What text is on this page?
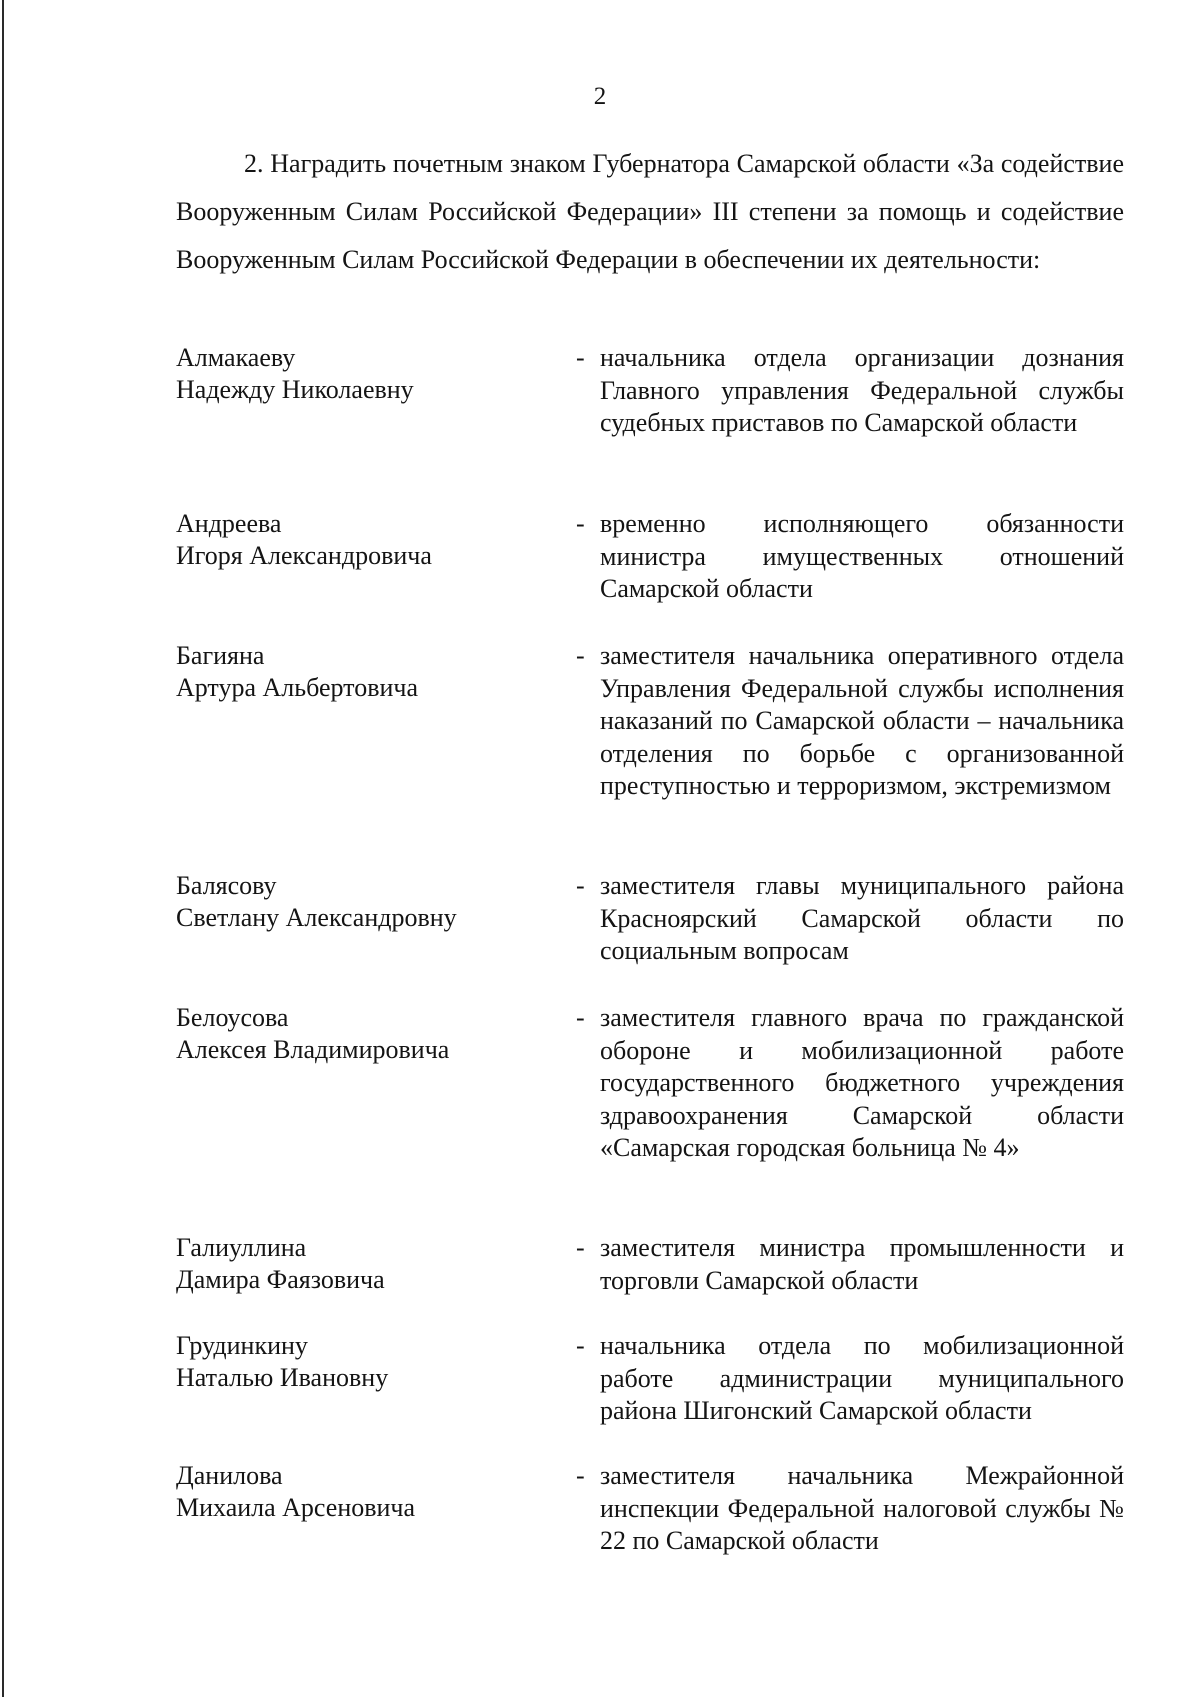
2

2. Наградить почетным знаком Губернатора Самарской области «За содействие Вооруженным Силам Российской Федерации» III степени за помощь и содействие Вооруженным Силам Российской Федерации в обеспечении их деятельности:

Алмакаеву
Надежду Николаевну
- начальника отдела организации дознания Главного управления Федеральной службы судебных приставов по Самарской области

Андреева
Игоря Александровича
- временно исполняющего обязанности министра имущественных отношений Самарской области

Багияна
Артура Альбертовича
- заместителя начальника оперативного отдела Управления Федеральной службы исполнения наказаний по Самарской области – начальника отделения по борьбе с организованной преступностью и терроризмом, экстремизмом

Балясову
Светлану Александровну
- заместителя главы муниципального района Красноярский Самарской области по социальным вопросам

Белоусова
Алексея Владимировича
- заместителя главного врача по гражданской обороне и мобилизационной работе государственного бюджетного учреждения здравоохранения Самарской области «Самарская городская больница № 4»

Галиуллина
Дамира Фаязовича
- заместителя министра промышленности и торговли Самарской области

Грудинкину
Наталью Ивановну
- начальника отдела по мобилизационной работе администрации муниципального района Шигонский Самарской области

Данилова
Михаила Арсеновича
- заместителя начальника Межрайонной инспекции Федеральной налоговой службы № 22 по Самарской области
